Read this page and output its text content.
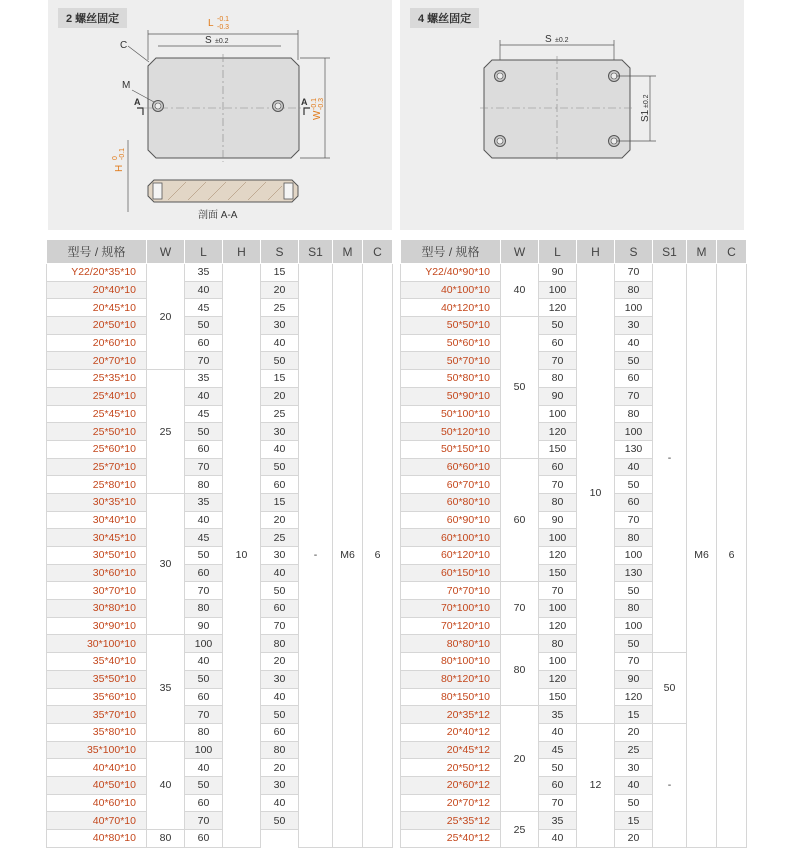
2 螺丝固定	L -0.1
-0.3
S ±0.2
C
M
A	A
W
-0.1 -0.3
H
0 -0.1
剖面 A-A
4 螺丝固定
S ±0.2
S1
±0.2
型号 / 规格	W	L	H	S	S1	M	C
Y22/20*35*10	20	35	10	15	-	M6	6
20*40*10		40		20			
20*45*10		45		25			
20*50*10		50		30			
20*60*10		60		40			
20*70*10		70		50			
25*35*10	25	35		15			
25*40*10		40		20			
25*45*10		45		25			
25*50*10		50		30			
25*60*10		60		40			
25*70*10		70		50			
25*80*10		80		60			
30*35*10	30	35		15			
30*40*10		40		20			
30*45*10		45		25			
30*50*10		50		30			
30*60*10		60		40			
30*70*10		70		50			
30*80*10		80		60			
30*90*10		90		70			
30*100*10	35	100		80			
35*40*10		40		20			
35*50*10		50		30			
35*60*10		60		40			
35*70*10		70		50			
35*80*10		80		60			
35*100*10	40	100		80			
40*40*10		40		20			
40*50*10		50		30			
40*60*10		60		40			
40*70*10		70		50			
40*80*10	80	60					
型号 / 规格	W	L	H	S	S1	M	C
Y22/40*90*10	40	90	10	70	-	M6	6
40*100*10		100		80			
40*120*10		120		100			
50*50*10	50	50		30			
50*60*10		60		40			
50*70*10		70		50			
50*80*10		80		60			
50*90*10		90		70			
50*100*10		100		80			
50*120*10		120		100			
50*150*10		150		130			
60*60*10	60	60		40			
60*70*10		70		50			
60*80*10		80		60			
60*90*10		90		70			
60*100*10		100		80			
60*120*10		120		100			
60*150*10		150		130			
70*70*10	70	70		50			
70*100*10		100		80			
70*120*10		120		100			
80*80*10	80	80		50			
80*100*10		100		70	50		
80*120*10		120		90			
80*150*10		150		120			
20*35*12	20	35		15			
20*40*12		40	12	20	-		
20*45*12		45		25			
20*50*12		50		30			
20*60*12		60		40			
20*70*12		70		50			
25*35*12	25	35		15			
25*40*12		40		20			
